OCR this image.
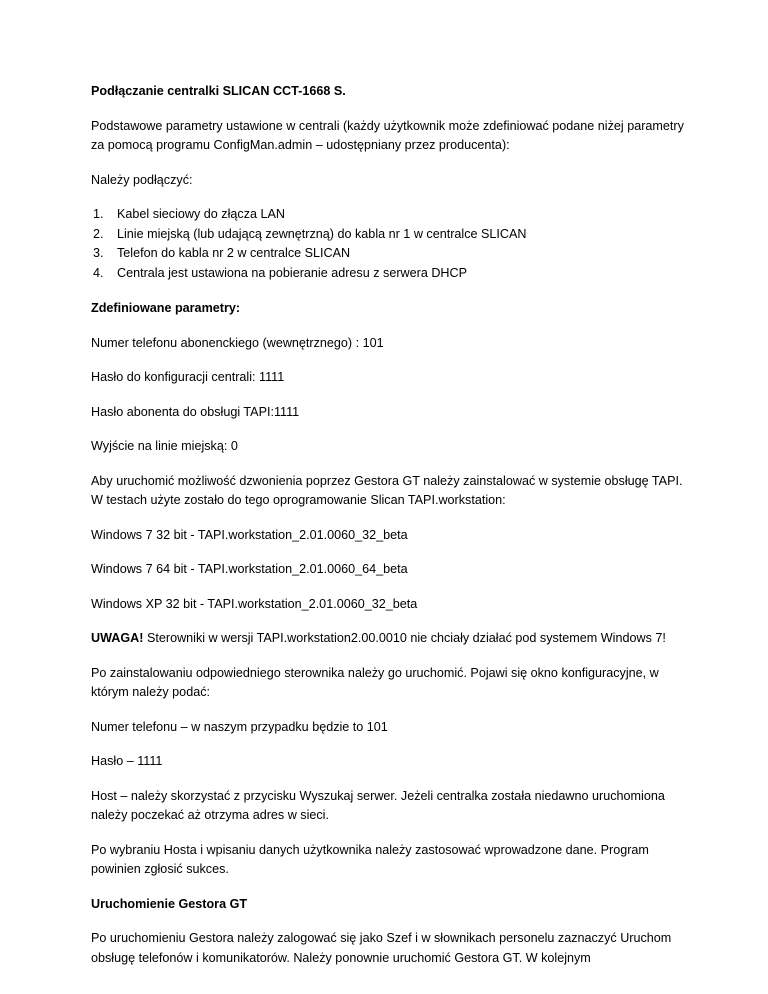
Podłączanie centralki SLICAN CCT-1668 S.

Podstawowe parametry ustawione w centrali (każdy użytkownik może zdefiniować podane niżej parametry za pomocą programu ConfigMan.admin – udostępniany przez producenta):

Należy podłączyć:

1.	Kabel sieciowy do złącza LAN
2.	Linie miejską (lub udającą zewnętrzną) do kabla nr 1 w centralce SLICAN
3.	Telefon do kabla nr 2 w centralce SLICAN
4.	Centrala jest ustawiona na pobieranie adresu z serwera DHCP

Zdefiniowane parametry:

Numer telefonu abonenckiego (wewnętrznego) : 101

Hasło do konfiguracji centrali: 1111

Hasło abonenta do obsługi TAPI:1111

Wyjście na linie miejską: 0

Aby uruchomić możliwość dzwonienia poprzez Gestora GT należy zainstalować w systemie obsługę TAPI. W testach użyte zostało do tego oprogramowanie Slican TAPI.workstation:

Windows 7 32 bit - TAPI.workstation_2.01.0060_32_beta

Windows 7 64 bit - TAPI.workstation_2.01.0060_64_beta

Windows XP 32 bit - TAPI.workstation_2.01.0060_32_beta

UWAGA! Sterowniki w wersji TAPI.workstation2.00.0010 nie chciały działać pod systemem Windows 7!

Po zainstalowaniu odpowiedniego sterownika należy go uruchomić. Pojawi się okno konfiguracyjne, w którym należy podać:

Numer telefonu – w naszym przypadku będzie to 101

Hasło – 1111

Host – należy skorzystać z przycisku Wyszukaj serwer. Jeżeli centralka została niedawno uruchomiona należy poczekać aż otrzyma adres w sieci.

Po wybraniu Hosta i wpisaniu danych użytkownika należy zastosować wprowadzone dane. Program powinien zgłosić sukces.

Uruchomienie Gestora GT

Po uruchomieniu Gestora należy zalogować się jako Szef i w słownikach personelu zaznaczyć Uruchom obsługę telefonów i komunikatorów. Należy ponownie uruchomić Gestora GT. W kolejnym
